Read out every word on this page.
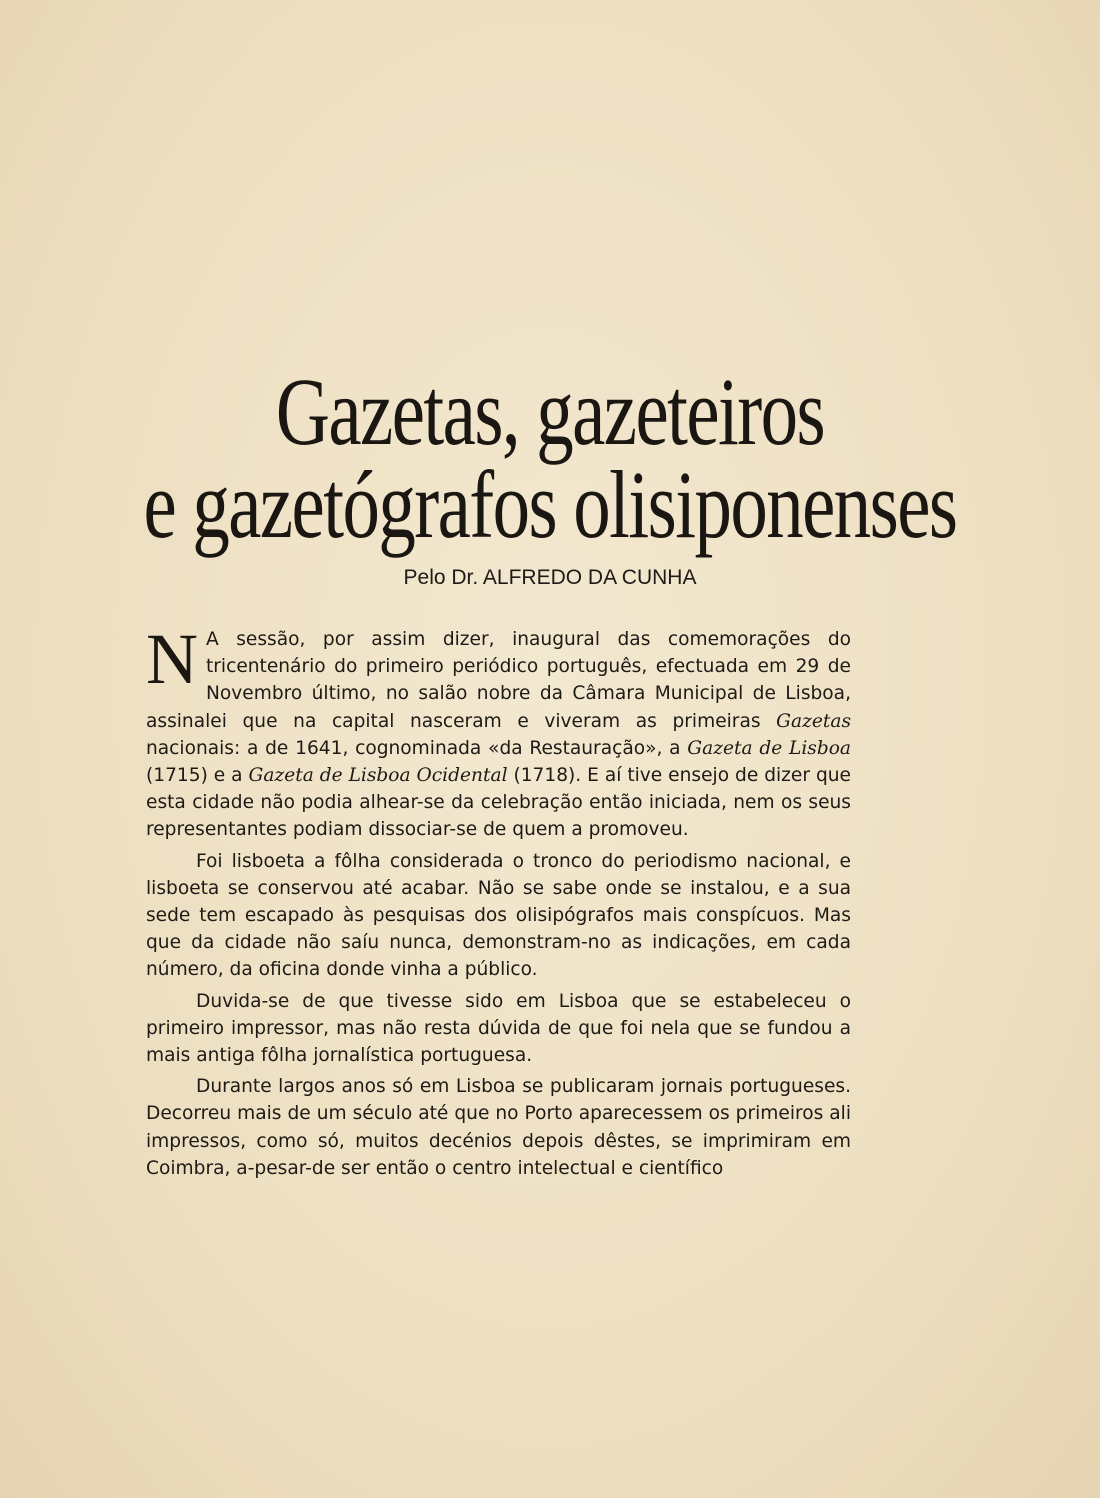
Gazetas, gazeteiros
e gazetógrafos olisiponenses
Pelo Dr. ALFREDO DA CUNHA

N A sessão, por assim dizer, inaugural das comemorações do tricentenário do primeiro periódico português, efectuada em 29 de Novembro último, no salão nobre da Câmara Municipal de Lisboa, assinalei que na capital nasceram e viveram as primeiras Gazetas nacionais: a de 1641, cognominada «da Restauração», a Gazeta de Lisboa (1715) e a Gazeta de Lisboa Ocidental (1718). E aí tive ensejo de dizer que esta cidade não podia alhear-se da celebração então iniciada, nem os seus representantes podiam dissociar-se de quem a promoveu.

Foi lisboeta a fôlha considerada o tronco do periodismo nacional, e lisboeta se conservou até acabar. Não se sabe onde se instalou, e a sua sede tem escapado às pesquisas dos olisipógrafos mais conspícuos. Mas que da cidade não saíu nunca, demonstram-no as indicações, em cada número, da oficina donde vinha a público.

Duvida-se de que tivesse sido em Lisboa que se estabeleceu o primeiro impressor, mas não resta dúvida de que foi nela que se fundou a mais antiga fôlha jornalística portuguesa.

Durante largos anos só em Lisboa se publicaram jornais portugueses. Decorreu mais de um século até que no Porto aparecessem os primeiros ali impressos, como só, muitos decénios depois dêstes, se imprimiram em Coimbra, a-pesar-de ser então o centro intelectual e científico
